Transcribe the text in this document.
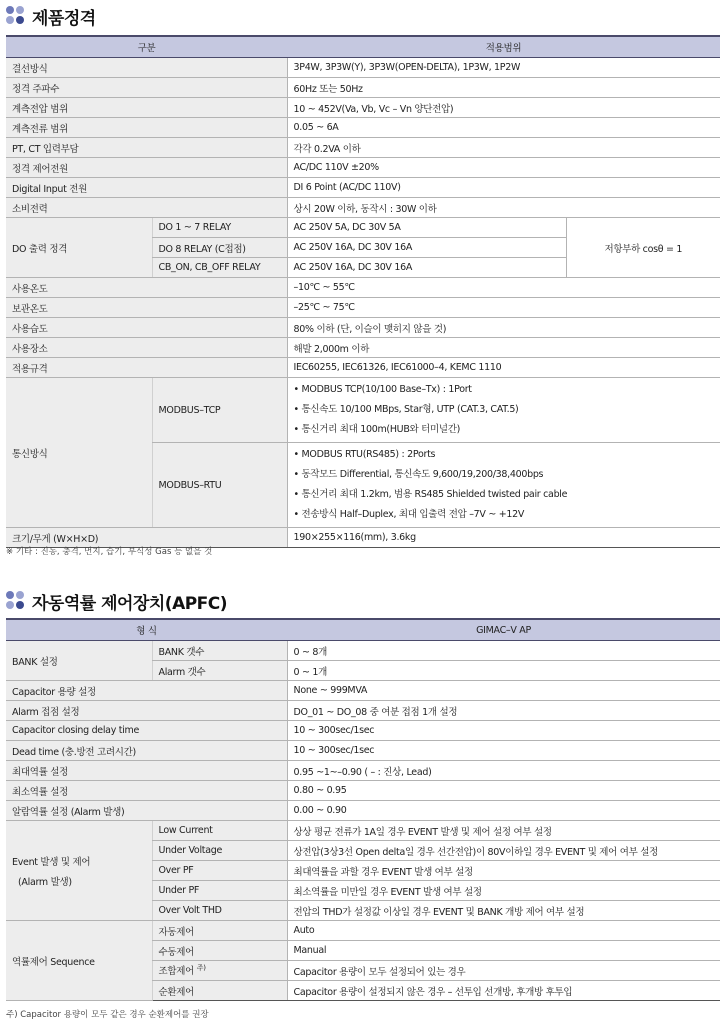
제품정격
구분		적용범위	
결선방식		3P4W, 3P3W(Y), 3P3W(OPEN-DELTA), 1P3W, 1P2W	
정격 주파수		60Hz 또는 50Hz	
계측전압 범위		10 ~ 452V(Va, Vb, Vc – Vn 양단전압)	
계측전류 범위		0.05 ~ 6A	
PT, CT 입력부담		각각 0.2VA 이하	
정격 제어전원		AC/DC 110V ±20%	
Digital Input 전원		DI 6 Point (AC/DC 110V)	
소비전력		상시 20W 이하, 동작시 : 30W 이하	
DO 출력 정격	DO 1 ~ 7 RELAY	AC 250V 5A, DC 30V 5A	저항부하 cosθ = 1
	DO 8 RELAY (C접점)	AC 250V 16A, DC 30V 16A	
	CB_ON, CB_OFF RELAY	AC 250V 16A, DC 30V 16A	
사용온도		–10℃ ~ 55℃	
보관온도		–25℃ ~ 75℃	
사용습도		80% 이하 (단, 이슬이 맺히지 않을 것)	
사용장소		해발 2,000m 이하	
적용규격		IEC60255, IEC61326, IEC61000–4, KEMC 1110	
통신방식	MODBUS–TCP	• MODBUS TCP(10/100 Base–Tx) : 1Port
• 통신속도 10/100 MBps, Star형, UTP (CAT.3, CAT.5)
• 통신거리 최대 100m(HUB와 터미널간)	

	MODBUS–RTU	• MODBUS RTU(RS485) : 2Ports
• 동작모드 Differential, 통신속도 9,600/19,200/38,400bps
• 통신거리 최대 1.2km, 범용 RS485 Shielded twisted pair cable
• 전송방식 Half–Duplex, 최대 입출력 전압 –7V ~ +12V	

크기/무게 (W×H×D)		190×255×116(mm), 3.6kg	
※ 기타 : 진동, 충격, 먼지, 습기, 부식성 Gas 등 없을 것
자동역률 제어장치(APFC)
형 식		GIMAC–V AP
BANK 설정	BANK 갯수	0 ~ 8개
	Alarm 갯수	0 ~ 1개
Capacitor 용량 설정		None ~ 999MVA
Alarm 접점 설정		DO_01 ~ DO_08 중 여분 접점 1개 설정
Capacitor closing delay time		10 ~ 300sec/1sec
Dead time (충.방전 고려시간)		10 ~ 300sec/1sec
최대역률 설정		0.95 ~1~–0.90 ( – : 진상, Lead)
최소역률 설정		0.80 ~ 0.95
알람역률 설정 (Alarm 발생)		0.00 ~ 0.90

Event 발생 및 제어
(Alarm 발생)	Low Current	상상 평균 전류가 1A일 경우 EVENT 발생 및 제어 설정 여부 설정
	Under Voltage	상전압(3상3선 Open delta일 경우 선간전압)이 80V이하일 경우 EVENT 및 제어 여부 설정
	Over PF	최대역률을 과할 경우 EVENT 발생 여부 설정
	Under PF	최소역률을 미만일 경우 EVENT 발생 여부 설정
	Over Volt THD	전압의 THD가 설정값 이상일 경우 EVENT 및 BANK 개방 제어 여부 설정
역률제어 Sequence	자동제어	Auto
	수동제어	Manual
	조합제어 $^{주)}$	Capacitor 용량이 모두 설정되어 있는 경우
	순환제어	Capacitor 용량이 설정되지 않은 경우 – 선투입 선개방, 후개방 후투입
주) Capacitor 용량이 모두 같은 경우 순환제어를 권장
